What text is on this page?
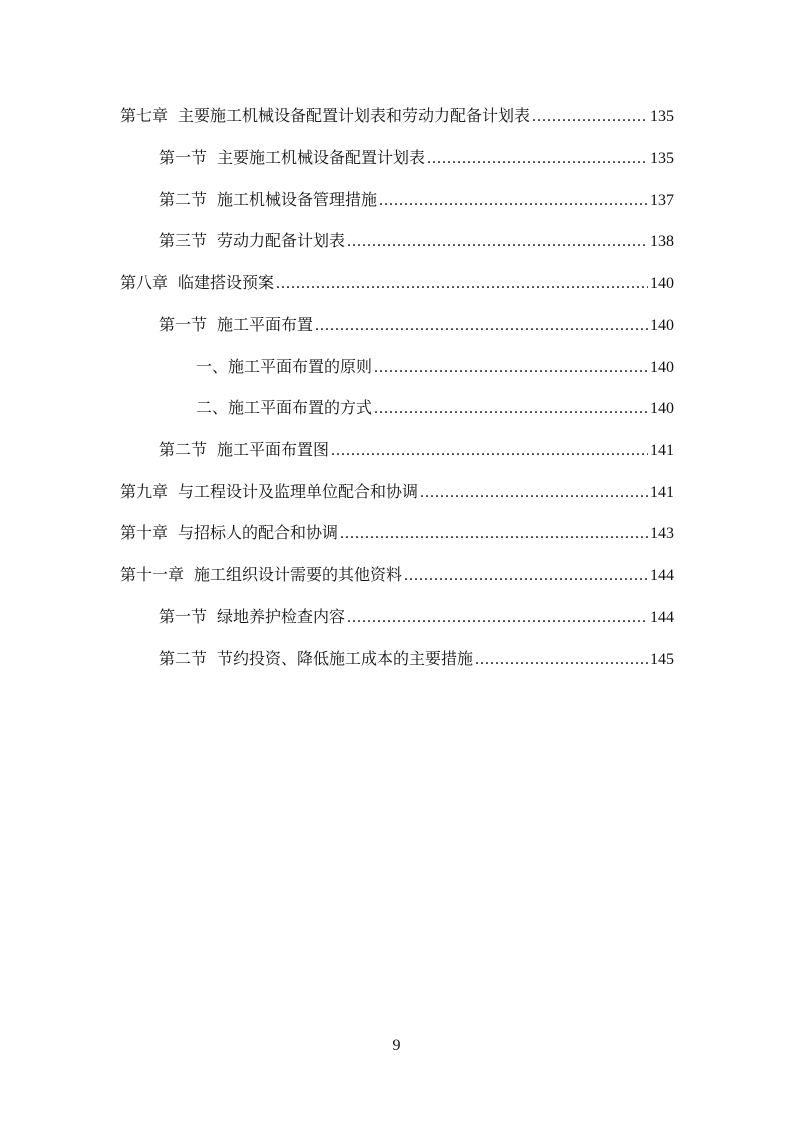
第七章 主要施工机械设备配置计划表和劳动力配备计划表 .....	135
第一节 主要施工机械设备配置计划表 .....	135
第二节 施工机械设备管理措施 .....	137
第三节 劳动力配备计划表 .....	138
第八章 临建搭设预案 .....	140
第一节 施工平面布置 .....	140
一、施工平面布置的原则 .....	140
二、施工平面布置的方式 .....	140
第二节 施工平面布置图 .....	141
第九章 与工程设计及监理单位配合和协调 .....	141
第十章 与招标人的配合和协调 .....	143
第十一章 施工组织设计需要的其他资料 .....	144
第一节 绿地养护检查内容 .....	144
第二节 节约投资、降低施工成本的主要措施 .....	145
9
